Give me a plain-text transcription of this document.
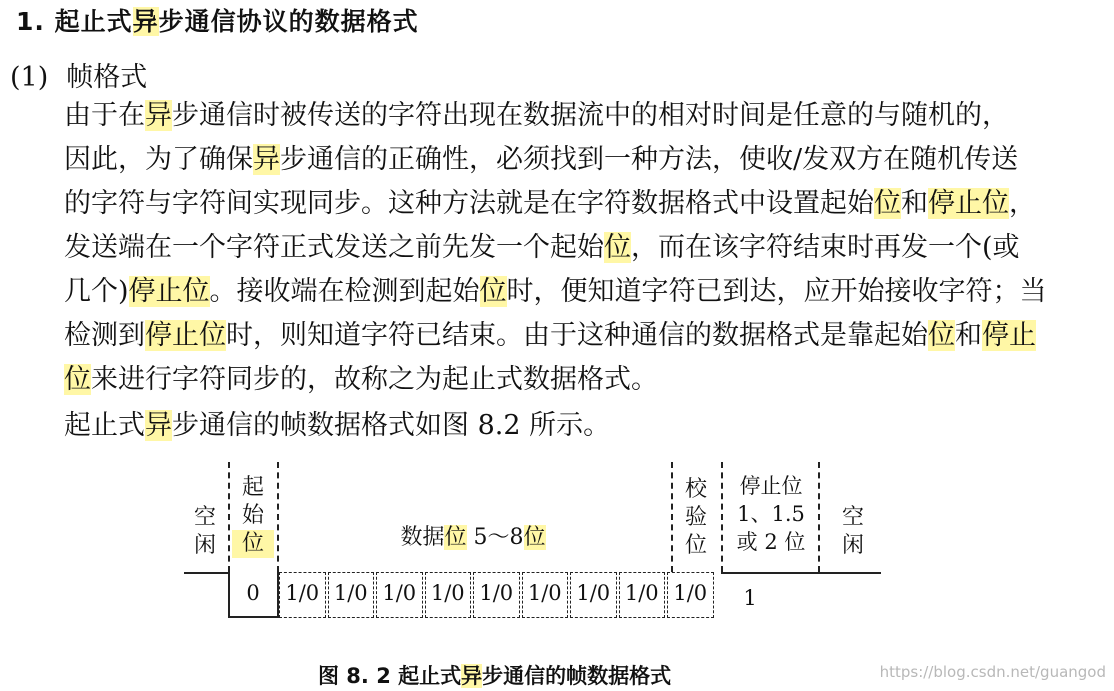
1. 起止式异步通信协议的数据格式
(1) 帧格式
由于在异步通信时被传送的字符出现在数据流中的相对时间是任意的与随机的，
因此，为了确保异步通信的正确性，必须找到一种方法，使收/发双方在随机传送
的字符与字符间实现同步。这种方法就是在字符数据格式中设置起始位和停止位，
发送端在一个字符正式发送之前先发一个起始位，而在该字符结束时再发一个(或
几个)停止位。接收端在检测到起始位时，便知道字符已到达，应开始接收字符；当
检测到停止位时，则知道字符已结束。由于这种通信的数据格式是靠起始位和停止
位来进行字符同步的，故称之为起止式数据格式。
起止式异步通信的帧数据格式如图 8.2 所示。
空
闲
起
始
位	数据位 5～8位
校
验
位
停止位
1、1.5
或 2 位
空
闲
0	1/0 1/0 1/0 1/0 1/0 1/0 1/0 1/0 1/0	1
图 8. 2 起止式异步通信的帧数据格式	https://blog.csdn.net/guangod
